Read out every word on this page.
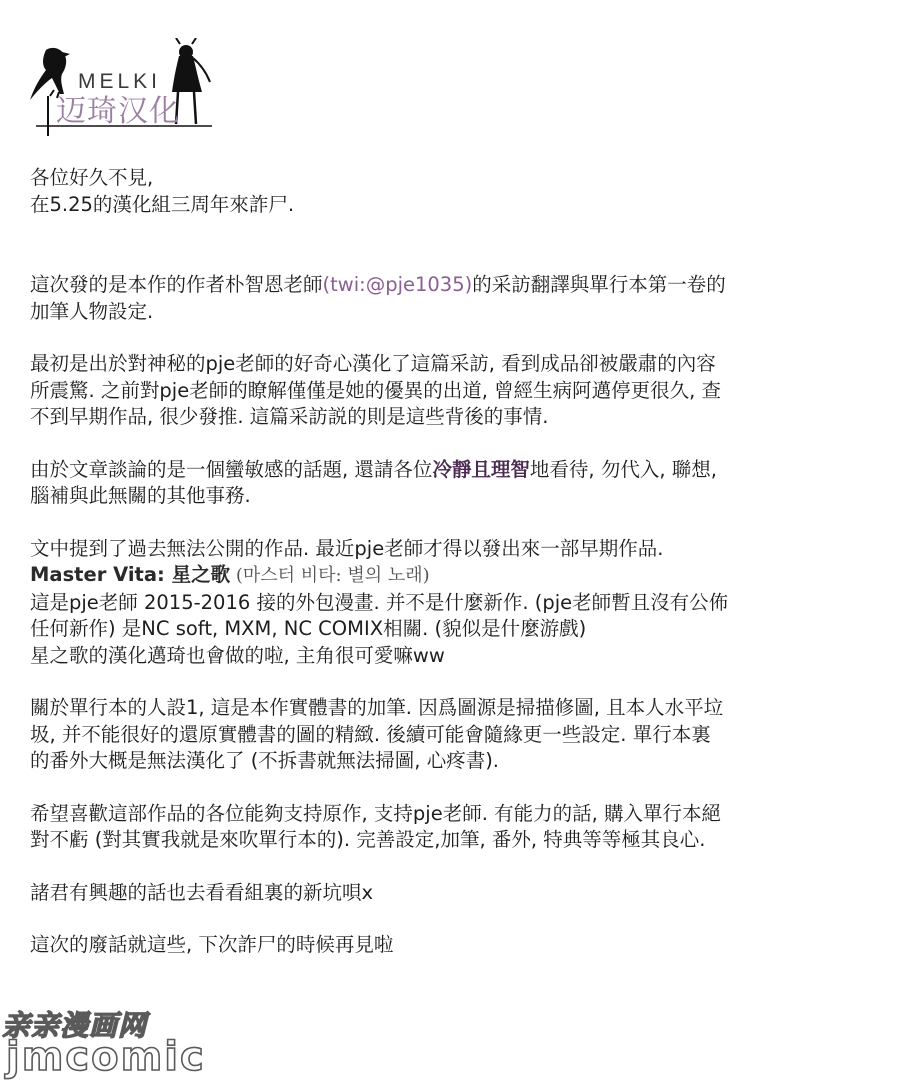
MELKI
迈琦汉化

各位好久不見,

在5.25的漢化組三周年來詐尸.

這次發的是本作的作者朴智恩老師(twi:@pje1035)的采訪翻譯與單行本第一卷的

加筆人物設定.

最初是出於對神秘的pje老師的好奇心漢化了這篇采訪, 看到成品卻被嚴肅的內容

所震驚. 之前對pje老師的瞭解僅僅是她的優異的出道, 曾經生病阿邁停更很久, 查

不到早期作品, 很少發推. 這篇采訪説的則是這些背後的事情.

由於文章談論的是一個蠻敏感的話題, 還請各位冷靜且理智地看待, 勿代入, 聯想,

腦補與此無關的其他事務.

文中提到了過去無法公開的作品. 最近pje老師才得以發出來一部早期作品.

Master Vita: 星之歌 (마스터 비타: 별의 노래)

這是pje老師 2015-2016 接的外包漫畫. 并不是什麼新作. (pje老師暫且沒有公佈

任何新作) 是NC soft, MXM, NC COMIX相關. (貌似是什麼游戲)

星之歌的漢化邁琦也會做的啦, 主角很可愛嘛ww

關於單行本的人設1, 這是本作實體書的加筆. 因爲圖源是掃描修圖, 且本人水平垃

圾, 并不能很好的還原實體書的圖的精緻. 後續可能會隨緣更一些設定. 單行本裏

的番外大概是無法漢化了 (不拆書就無法掃圖, 心疼書).

希望喜歡這部作品的各位能夠支持原作, 支持pje老師. 有能力的話, 購入單行本絕

對不虧 (對其實我就是來吹單行本的). 完善設定,加筆, 番外, 特典等等極其良心.

諸君有興趣的話也去看看組裏的新坑唄x

這次的廢話就這些, 下次詐尸的時候再見啦

亲亲漫画网
jmcomic
